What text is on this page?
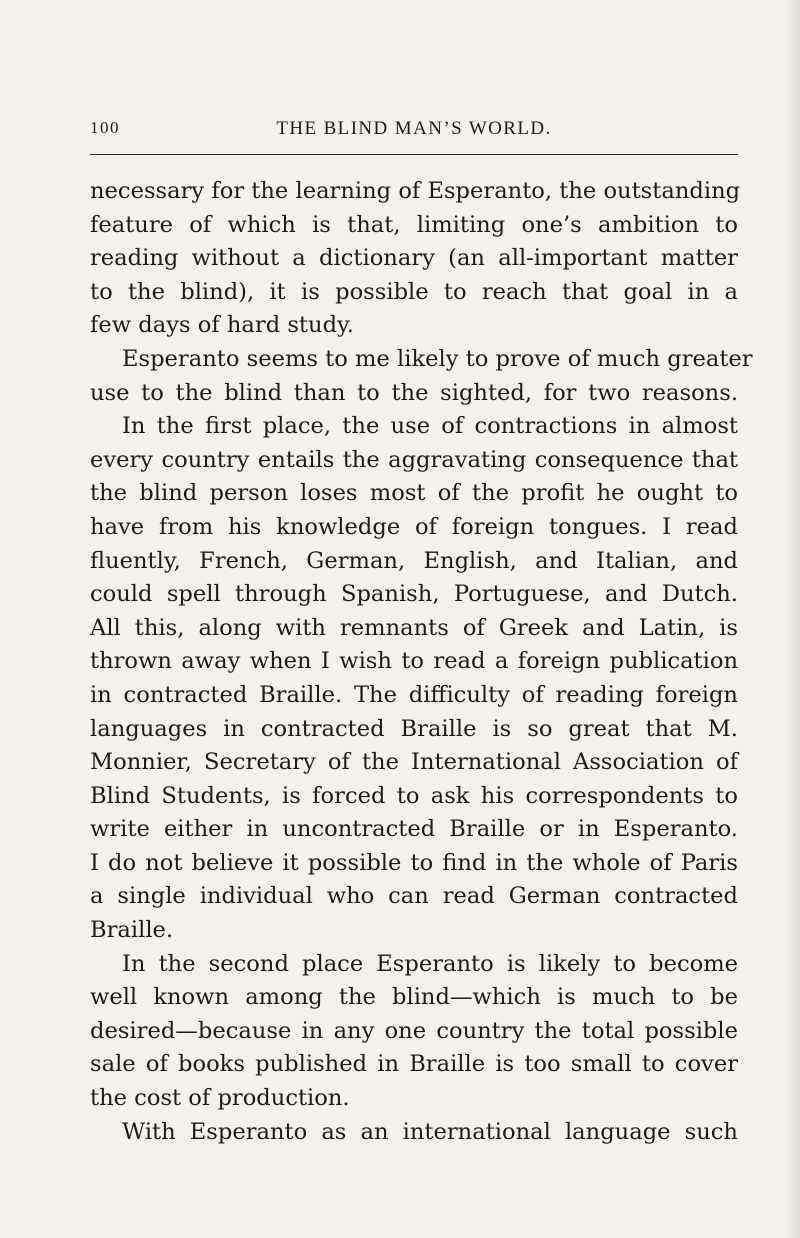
100	THE BLIND MAN’S WORLD.
necessary for the learning of Esperanto, the outstanding
feature of which is that, limiting one’s ambition to
reading without a dictionary (an all-important matter
to the blind), it is possible to reach that goal in a
few days of hard study.
Esperanto seems to me likely to prove of much greater
use to the blind than to the sighted, for two reasons.
In the first place, the use of contractions in almost
every country entails the aggravating consequence that
the blind person loses most of the profit he ought to
have from his knowledge of foreign tongues. I read
fluently, French, German, English, and Italian, and
could spell through Spanish, Portuguese, and Dutch.
All this, along with remnants of Greek and Latin, is
thrown away when I wish to read a foreign publication
in contracted Braille. The difficulty of reading foreign
languages in contracted Braille is so great that M.
Monnier, Secretary of the International Association of
Blind Students, is forced to ask his correspondents to
write either in uncontracted Braille or in Esperanto.
I do not believe it possible to find in the whole of Paris
a single individual who can read German contracted
Braille.
In the second place Esperanto is likely to become
well known among the blind—which is much to be
desired—because in any one country the total possible
sale of books published in Braille is too small to cover
the cost of production.
With Esperanto as an international language such
